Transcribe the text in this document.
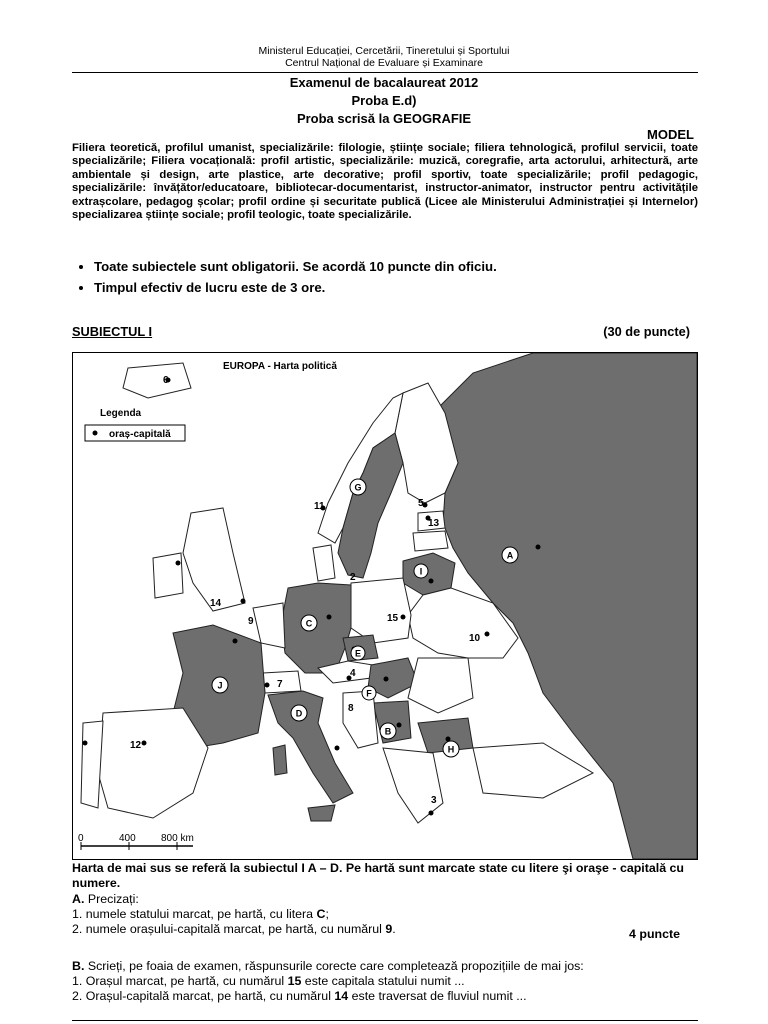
Ministerul Educației, Cercetării, Tineretului și Sportului
Centrul Național de Evaluare și Examinare
Examenul de bacalaureat 2012
Proba E.d)
Proba scrisă la GEOGRAFIE
MODEL
Filiera teoretică, profilul umanist, specializările: filologie, științe sociale; filiera tehnologică, profilul servicii, toate specializările; Filiera vocațională: profil artistic, specializările: muzică, coregrafie, arta actorului, arhitectură, arte ambientale și design, arte plastice, arte decorative; profil sportiv, toate specializările; profil pedagogic, specializările: învățător/educatoare, bibliotecar-documentarist, instructor-animator, instructor pentru activitățile extrașcolare, pedagog școlar; profil ordine și securitate publică (Licee ale Ministerului Administrației și Internelor) specializarea științe sociale; profil teologic, toate specializările.
• Toate subiectele sunt obligatorii. Se acordă 10 puncte din oficiu.
• Timpul efectiv de lucru este de 3 ore.
SUBIECTUL I	(30 de puncte)
A
B
C
D
E
F
G
H
I
J
2
3
4
5
6
7
8
9
10
11
12
13
14
15
EUROPA - Harta politică
Legenda
oraș-capitală
0	400	800 km
Harta de mai sus se referă la subiectul I A – D. Pe hartă sunt marcate state cu litere şi oraşe - capitală cu numere.
A. Precizați:
1. numele statului marcat, pe hartă, cu litera C;
2. numele orașului-capitală marcat, pe hartă, cu numărul 9.	4 puncte
B. Scrieți, pe foaia de examen, răspunsurile corecte care completează propozițiile de mai jos:
1. Orașul marcat, pe hartă, cu numărul 15 este capitala statului numit ...
2. Orașul-capitală marcat, pe hartă, cu numărul 14 este traversat de fluviul numit ...
